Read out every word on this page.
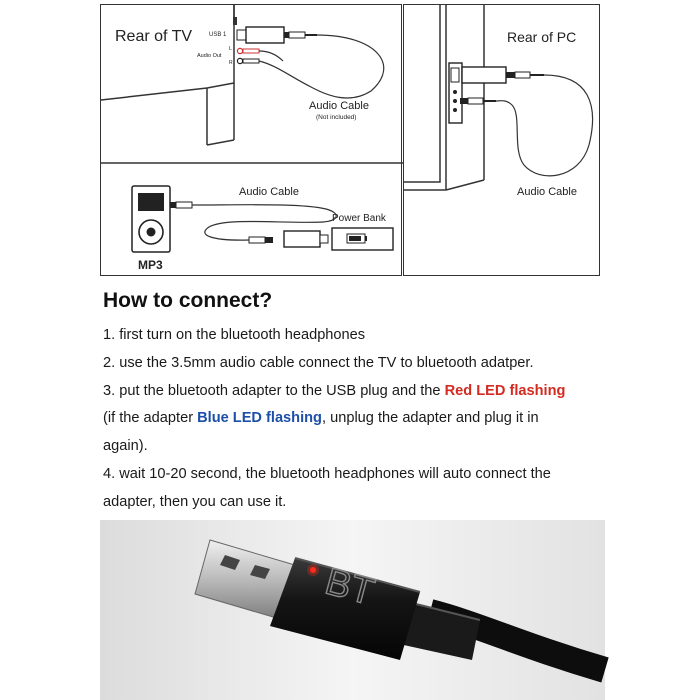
Rear of TV	USB 1
Audio Out
L
R
Audio Cable
(Not included)
MP3
Audio Cable
Power Bank
Rear of PC
Audio Cable
How to connect?

1. first turn on the bluetooth headphones

2. use the 3.5mm audio cable connect the TV to bluetooth adatper.

3. put the bluetooth adapter to the USB plug and the Red LED flashing

(if the adapter Blue LED flashing, unplug the adapter and plug it in

again).

4. wait 10-20 second, the bluetooth headphones will auto connect the

adapter, then you can use it.

BT
